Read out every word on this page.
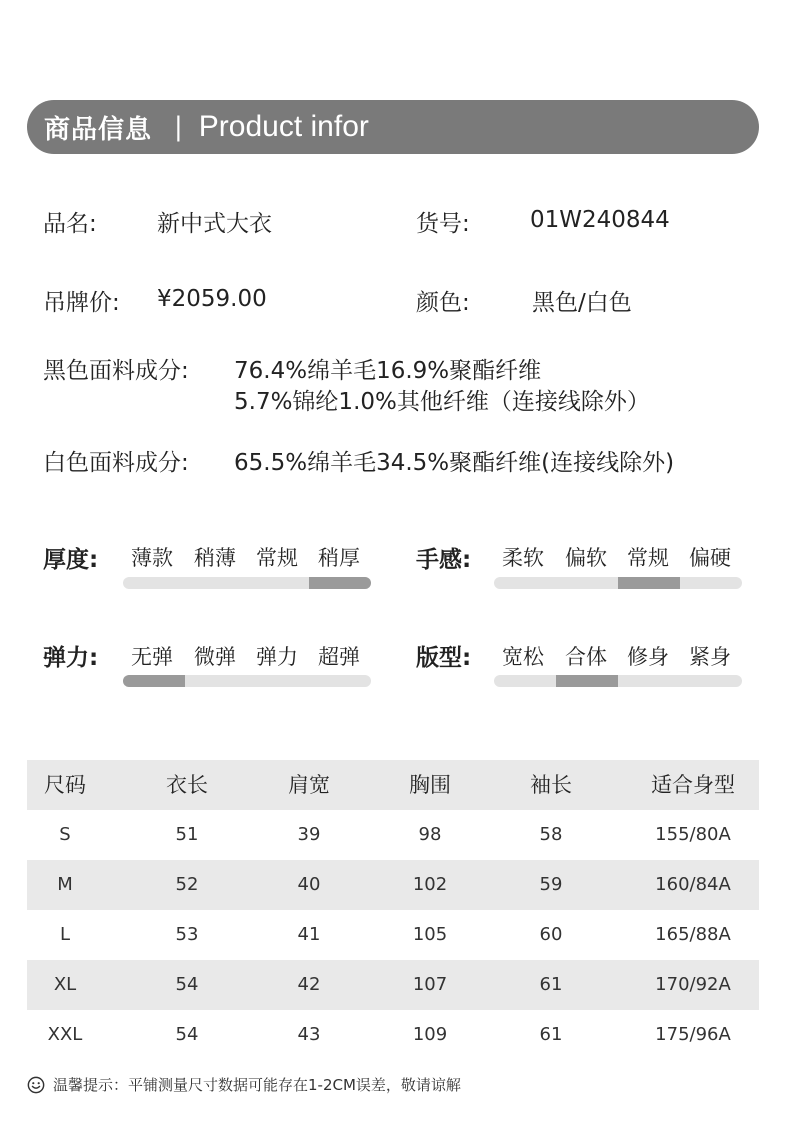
商品信息 | Product infor
品名:	新中式大衣	货号:	01W240844
吊牌价: ¥2059.00	颜色:	黑色/白色
黑色面料成分: 76.4%绵羊毛16.9%聚酯纤维
5.7%锦纶1.0%其他纤维（连接线除外）
白色面料成分: 65.5%绵羊毛34.5%聚酯纤维(连接线除外)
厚度: 薄款 稍薄 常规 稍厚 手感: 柔软 偏软 常规 偏硬
弹力: 无弹 微弹 弹力 超弹 版型: 宽松 合体 修身 紧身
尺码	衣长	肩宽	胸围	袖长	适合身型
S	51	39	98	58	155/80A
M	52	40	102	59	160/84A
L	53	41	105	60	165/88A
XL	54	42	107	61	170/92A
XXL	54	43	109	61	175/96A
温馨提示：平铺测量尺寸数据可能存在1-2CM误差，敬请谅解
